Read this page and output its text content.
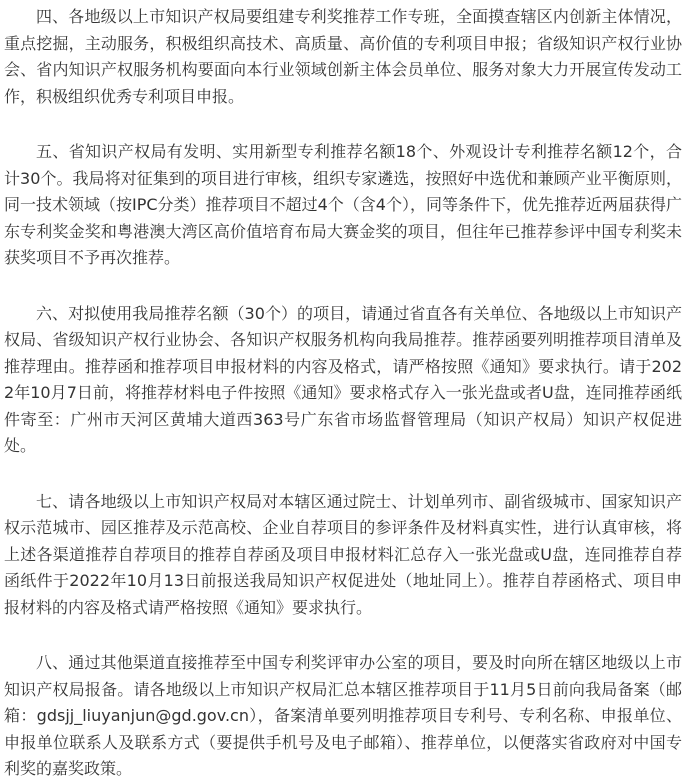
四、各地级以上市知识产权局要组建专利奖推荐工作专班，全面摸查辖区内创新主体情况，重点挖掘，主动服务，积极组织高技术、高质量、高价值的专利项目申报；省级知识产权行业协会、省内知识产权服务机构要面向本行业领域创新主体会员单位、服务对象大力开展宣传发动工作，积极组织优秀专利项目申报。

五、省知识产权局有发明、实用新型专利推荐名额18个、外观设计专利推荐名额12个，合计30个。我局将对征集到的项目进行审核，组织专家遴选，按照好中选优和兼顾产业平衡原则，同一技术领域（按IPC分类）推荐项目不超过4个（含4个），同等条件下，优先推荐近两届获得广东专利奖金奖和粤港澳大湾区高价值培育布局大赛金奖的项目，但往年已推荐参评中国专利奖未获奖项目不予再次推荐。

六、对拟使用我局推荐名额（30个）的项目，请通过省直各有关单位、各地级以上市知识产权局、省级知识产权行业协会、各知识产权服务机构向我局推荐。推荐函要列明推荐项目清单及推荐理由。推荐函和推荐项目申报材料的内容及格式，请严格按照《通知》要求执行。请于2022年10月7日前，将推荐材料电子件按照《通知》要求格式存入一张光盘或者U盘，连同推荐函纸件寄至：广州市天河区黄埔大道西363号广东省市场监督管理局（知识产权局）知识产权促进处。

七、请各地级以上市知识产权局对本辖区通过院士、计划单列市、副省级城市、国家知识产权示范城市、园区推荐及示范高校、企业自荐项目的参评条件及材料真实性，进行认真审核，将上述各渠道推荐自荐项目的推荐自荐函及项目申报材料汇总存入一张光盘或U盘，连同推荐自荐函纸件于2022年10月13日前报送我局知识产权促进处（地址同上）。推荐自荐函格式、项目申报材料的内容及格式请严格按照《通知》要求执行。

八、通过其他渠道直接推荐至中国专利奖评审办公室的项目，要及时向所在辖区地级以上市知识产权局报备。请各地级以上市知识产权局汇总本辖区推荐项目于11月5日前向我局备案（邮箱：gdsjj_liuyanjun@gd.gov.cn），备案清单要列明推荐项目专利号、专利名称、申报单位、申报单位联系人及联系方式（要提供手机号及电子邮箱）、推荐单位，以便落实省政府对中国专利奖的嘉奖政策。
